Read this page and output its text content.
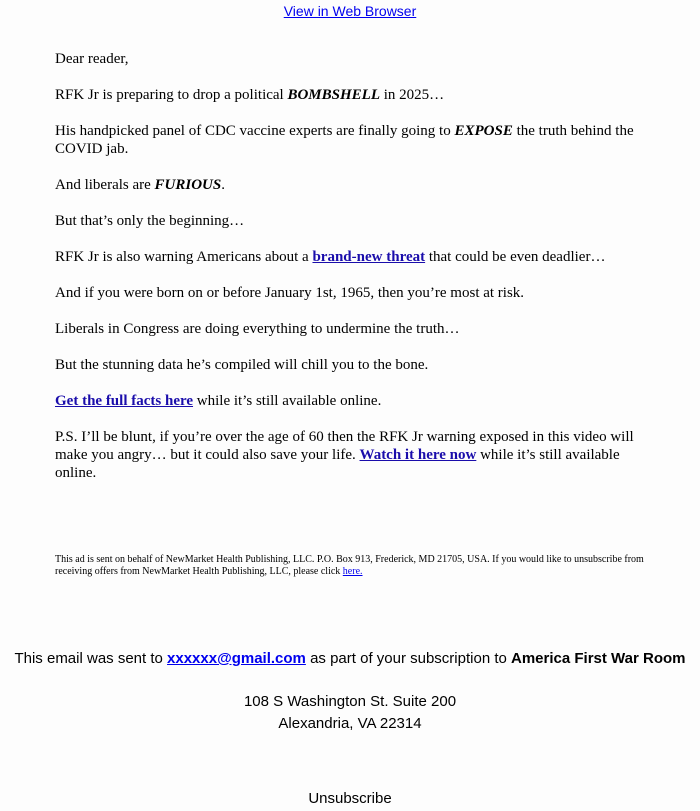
View in Web Browser

Dear reader,

RFK Jr is preparing to drop a political BOMBSHELL in 2025…

His handpicked panel of CDC vaccine experts are finally going to EXPOSE the truth behind the COVID jab.

And liberals are FURIOUS.

But that’s only the beginning…

RFK Jr is also warning Americans about a brand-new threat that could be even deadlier…

And if you were born on or before January 1st, 1965, then you’re most at risk.

Liberals in Congress are doing everything to undermine the truth…

But the stunning data he’s compiled will chill you to the bone.

Get the full facts here while it’s still available online.

P.S. I’ll be blunt, if you’re over the age of 60 then the RFK Jr warning exposed in this video will make you angry… but it could also save your life. Watch it here now while it’s still available online.

This ad is sent on behalf of NewMarket Health Publishing, LLC. P.O. Box 913, Frederick, MD 21705, USA. If you would like to unsubscribe from receiving offers from NewMarket Health Publishing, LLC, please click here.
This email was sent to xxxxxx@gmail.com as part of your subscription to America First War Room
108 S Washington St. Suite 200
Alexandria, VA 22314
Unsubscribe
